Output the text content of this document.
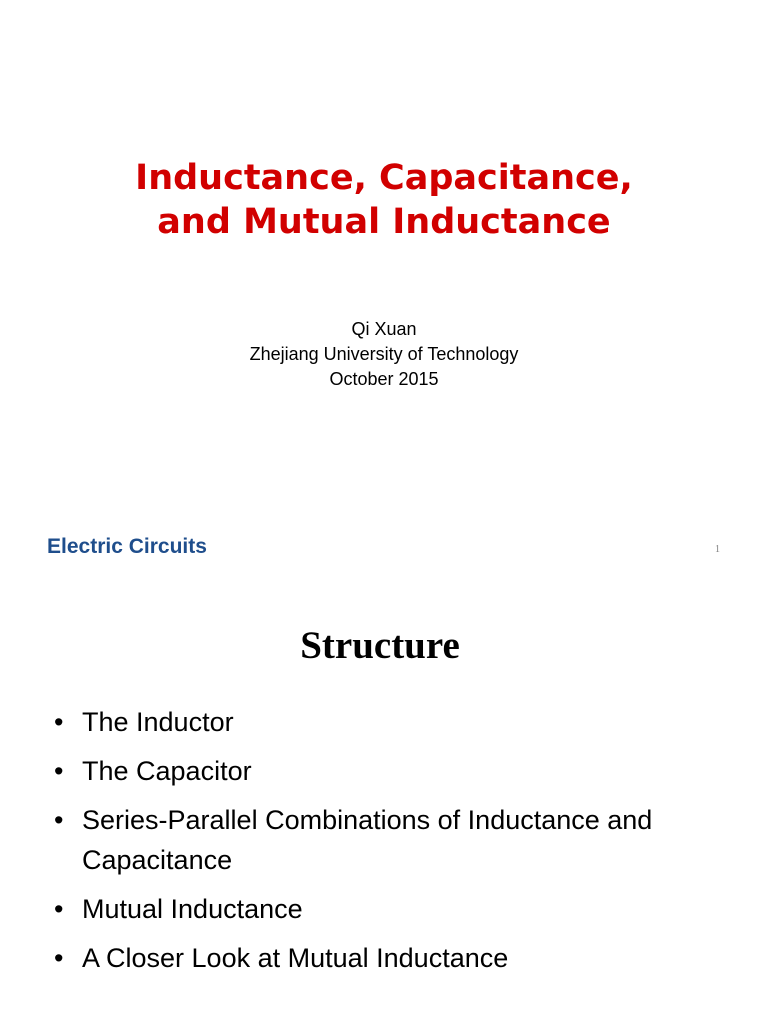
Inductance, Capacitance,
and Mutual Inductance
Qi Xuan
Zhejiang University of Technology
October 2015
Electric Circuits	1
Structure
• The Inductor
• The Capacitor
• Series-Parallel Combinations of Inductance and Capacitance
• Mutual Inductance
• A Closer Look at Mutual Inductance
